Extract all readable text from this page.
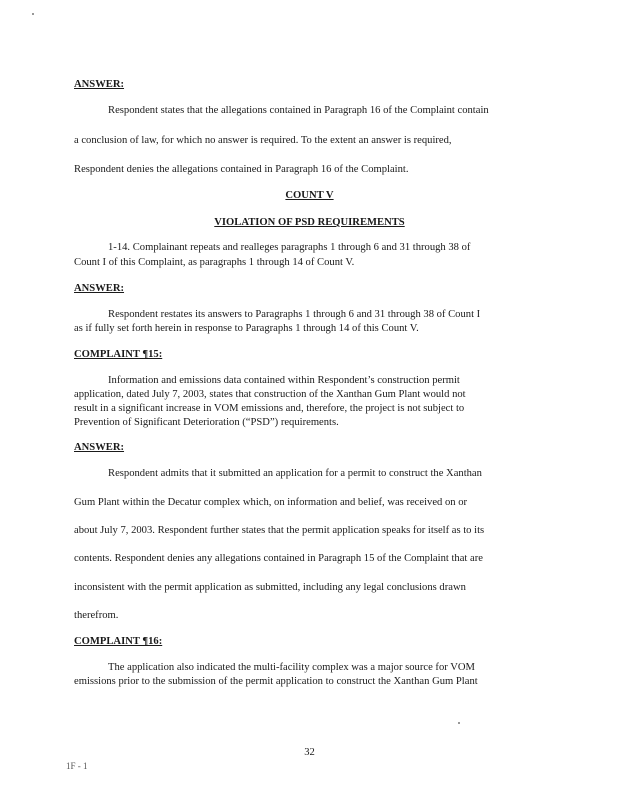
ANSWER:
Respondent states that the allegations contained in Paragraph 16 of the Complaint contain
a conclusion of law, for which no answer is required. To the extent an answer is required,
Respondent denies the allegations contained in Paragraph 16 of the Complaint.
COUNT V
VIOLATION OF PSD REQUIREMENTS
1-14. Complainant repeats and realleges paragraphs 1 through 6 and 31 through 38 of
Count I of this Complaint, as paragraphs 1 through 14 of Count V.
ANSWER:
Respondent restates its answers to Paragraphs 1 through 6 and 31 through 38 of Count I
as if fully set forth herein in response to Paragraphs 1 through 14 of this Count V.
COMPLAINT ¶15:
Information and emissions data contained within Respondent’s construction permit
application, dated July 7, 2003, states that construction of the Xanthan Gum Plant would not
result in a significant increase in VOM emissions and, therefore, the project is not subject to
Prevention of Significant Deterioration (“PSD”) requirements.
ANSWER:
Respondent admits that it submitted an application for a permit to construct the Xanthan
Gum Plant within the Decatur complex which, on information and belief, was received on or
about July 7, 2003. Respondent further states that the permit application speaks for itself as to its
contents. Respondent denies any allegations contained in Paragraph 15 of the Complaint that are
inconsistent with the permit application as submitted, including any legal conclusions drawn
therefrom.
COMPLAINT ¶16:
The application also indicated the multi-facility complex was a major source for VOM
emissions prior to the submission of the permit application to construct the Xanthan Gum Plant
32
1F - 1
